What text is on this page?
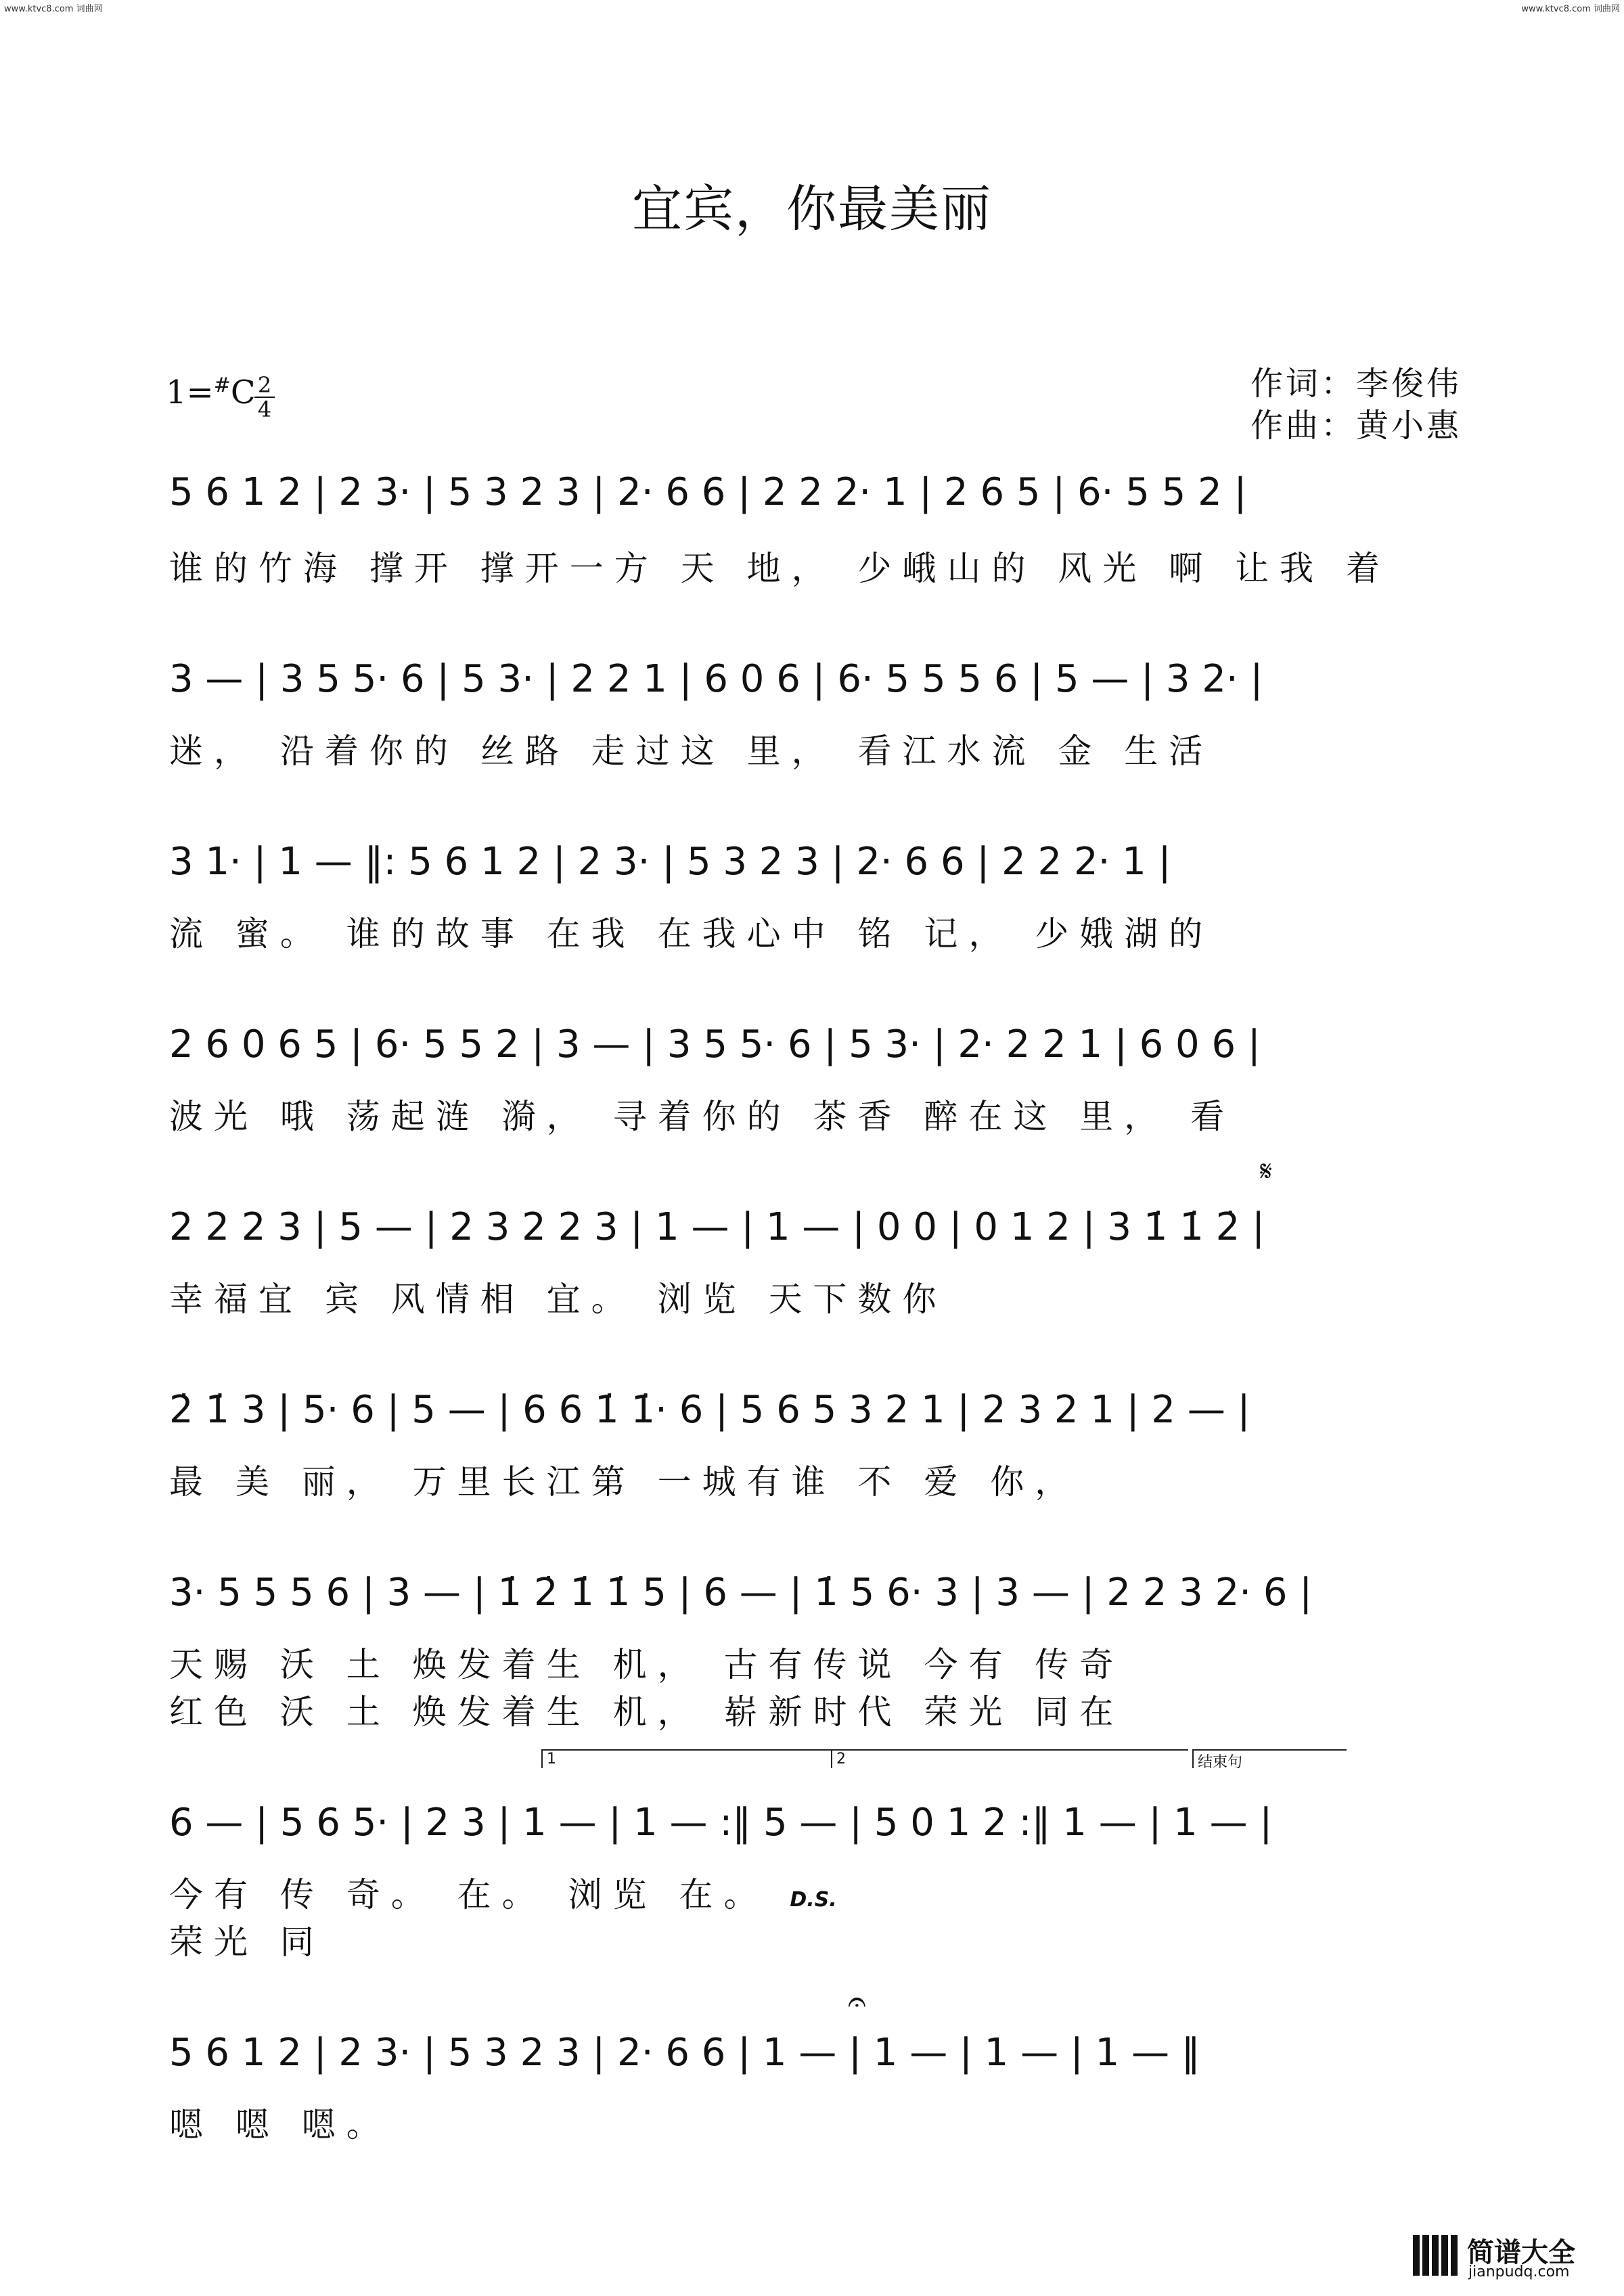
www.ktvc8.com 词曲网	www.ktvc8.com 词曲网
宜宾，你最美丽
1=#C 2
4
作词：李俊伟
作曲：黄小惠
𝄋
𝄐
1	2	结束句
5 6 1 2 | 2 3· | 5 3 2 3 | 2· 6 6 | 2 2 2· 1 | 2 6 5 | 6· 5 5 2 |
谁的竹海 撑开 撑开一方 天 地， 少峨山的 风光 啊 让我 着
3 — | 3 5 5· 6 | 5 3· | 2 2 1 | 6 0 6 | 6· 5 5 5 6 | 5 — | 3 2· |
迷， 沿着你的 丝路 走过这 里， 看江水流 金 生活
3 1· | 1 — ‖: 5 6 1 2 | 2 3· | 5 3 2 3 | 2· 6 6 | 2 2 2· 1 |
流 蜜。 谁的故事 在我 在我心中 铭 记， 少娥湖的
2 6 0 6 5 | 6· 5 5 2 | 3 — | 3 5 5· 6 | 5 3· | 2· 2 2 1 | 6 0 6 |
波光 哦 荡起涟 漪， 寻着你的 茶香 醉在这 里， 看
2 2 2 3 | 5 — | 2 3 2 2 3 | 1 — | 1 — | 0 0 | 0 1 2 | 3 1̇ 1̇ 2̇ |
幸福宜 宾 风情相 宜。 浏览 天下数你
2̇ 1̇ 3 | 5· 6 | 5 — | 6 6 1̇ 1̇· 6 | 5 6 5 3 2 1 | 2 3 2 1 | 2 — |
最 美 丽， 万里长江第 一城有谁 不 爱 你，
3· 5 5 5 6 | 3 — | 1̇ 2̇ 1̇ 1̇ 5 | 6 — | 1̇ 5 6· 3 | 3 — | 2 2 3 2· 6 |
天赐 沃 土 焕发着生 机， 古有传说 今有 传奇
红色 沃 土 焕发着生 机， 崭新时代 荣光 同在
6 — | 5 6 5· | 2 3 | 1 — | 1 — :‖ 5 — | 5 0 1 2 :‖ 1 — | 1 — |
今有 传 奇。 在。 浏览 在。 D.S.
荣光 同
5 6 1 2 | 2 3· | 5 3 2 3 | 2· 6 6 | 1 — | 1 — | 1 — | 1 — ‖
嗯 嗯 嗯。
简谱大全
jianpudq.com
